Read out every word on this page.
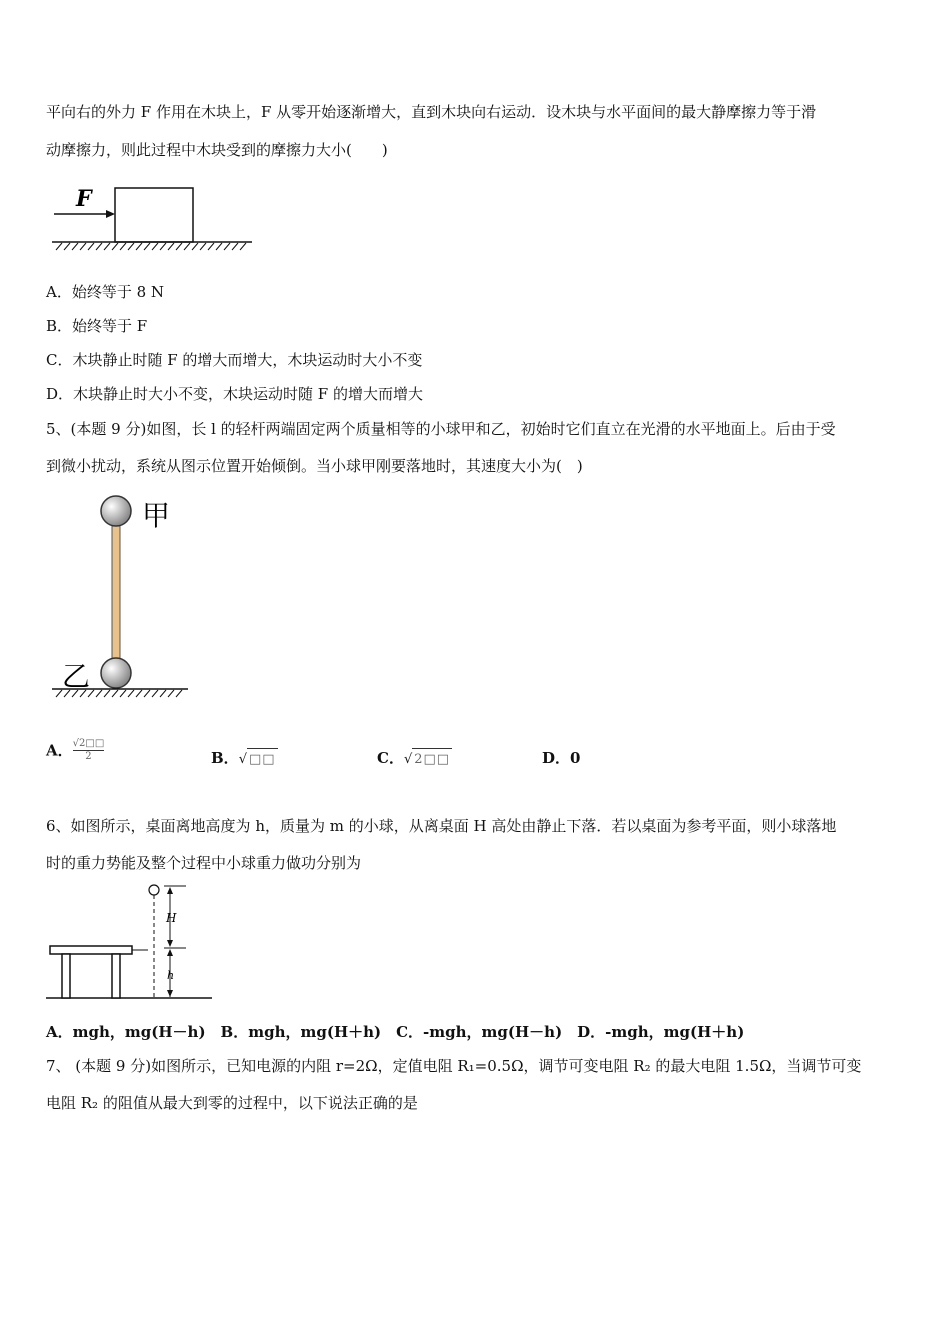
平向右的外力 F 作用在木块上，F 从零开始逐渐增大，直到木块向右运动．设木块与水平面间的最大静摩擦力等于滑
动摩擦力，则此过程中木块受到的摩擦力大小(　　)
F
A．始终等于 8 N
B．始终等于 F
C．木块静止时随 F 的增大而增大，木块运动时大小不变
D．木块静止时大小不变，木块运动时随 F 的增大而增大
5、(本题 9 分)如图，长 l 的轻杆两端固定两个质量相等的小球甲和乙，初始时它们直立在光滑的水平地面上。后由于受
到微小扰动，系统从图示位置开始倾倒。当小球甲刚要落地时，其速度大小为(　)
甲
乙
A． $\frac{√2□□}{2}$	B．√ □□	C．√ 2□□	D．0
6、如图所示，桌面离地高度为 h，质量为 m 的小球，从离桌面 H 高处由静止下落．若以桌面为参考平面，则小球落地
时的重力势能及整个过程中小球重力做功分别为
H
h
A．mgh，mg(H－h)　B．mgh，mg(H＋h)　C．-mgh，mg(H－h)　D．-mgh，mg(H＋h)
7、 (本题 9 分)如图所示，已知电源的内阻 r=2Ω，定值电阻 R₁=0.5Ω，调节可变电阻 R₂ 的最大电阻 1.5Ω，当调节可变
电阻 R₂ 的阻值从最大到零的过程中，以下说法正确的是
